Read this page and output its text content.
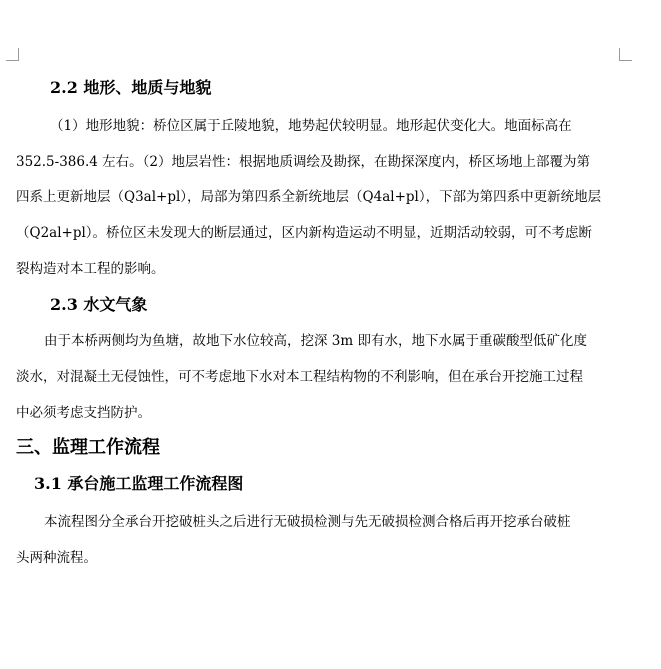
2.2 地形、地质与地貌
（1）地形地貌：桥位区属于丘陵地貌，地势起伏较明显。地形起伏变化大。地面标高在
352.5-386.4 左右。（2）地层岩性：根据地质调绘及勘探，在勘探深度内，桥区场地上部覆为第
四系上更新地层（Q3al+pl），局部为第四系全新统地层（Q4al+pl），下部为第四系中更新统地层
（Q2al+pl）。桥位区未发现大的断层通过，区内新构造运动不明显，近期活动较弱，可不考虑断
裂构造对本工程的影响。
2.3 水文气象
由于本桥两侧均为鱼塘，故地下水位较高，挖深 3m 即有水，地下水属于重碳酸型低矿化度
淡水，对混凝土无侵蚀性，可不考虑地下水对本工程结构物的不利影响，但在承台开挖施工过程
中必须考虑支挡防护。
三、监理工作流程
3.1 承台施工监理工作流程图
本流程图分全承台开挖破桩头之后进行无破损检测与先无破损检测合格后再开挖承台破桩
头两种流程。
